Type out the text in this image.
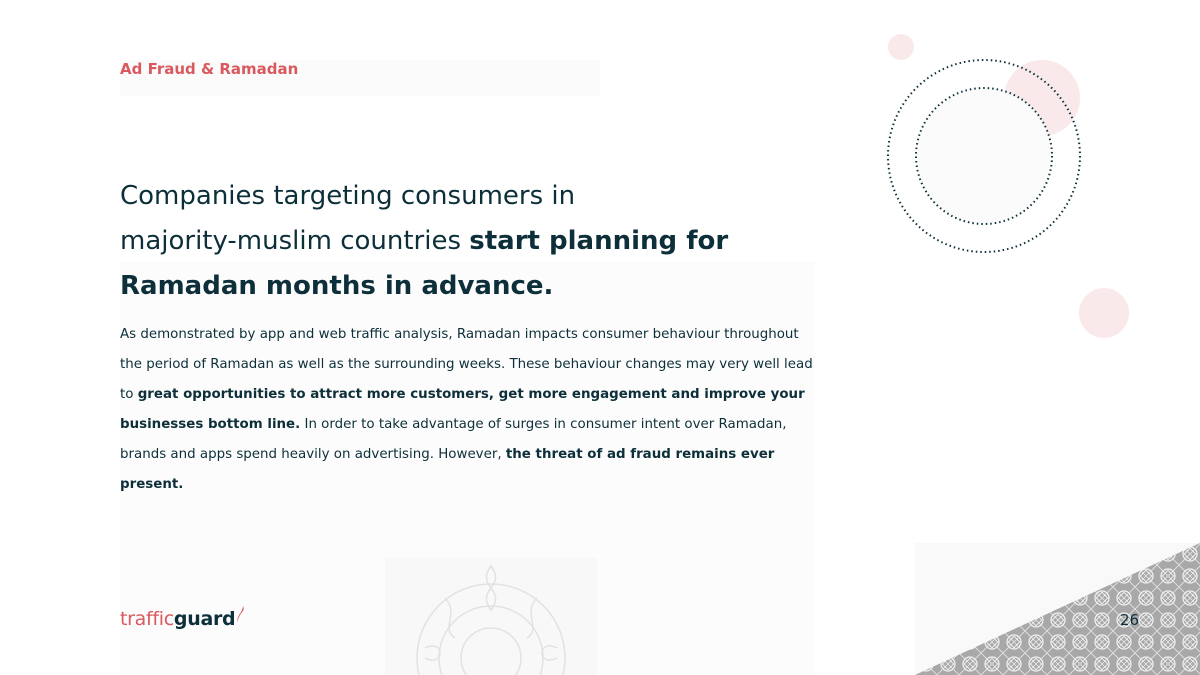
Ad Fraud & Ramadan
Companies targeting consumers in
majority-muslim countries start planning for
Ramadan months in advance.

As demonstrated by app and web traffic analysis, Ramadan impacts consumer behaviour throughout the period of Ramadan as well as the surrounding weeks. These behaviour changes may very well lead to great opportunities to attract more customers, get more engagement and improve your businesses bottom line. In order to take advantage of surges in consumer intent over Ramadan, brands and apps spend heavily on advertising. However, the threat of ad fraud remains ever present.

traffic guard	26
